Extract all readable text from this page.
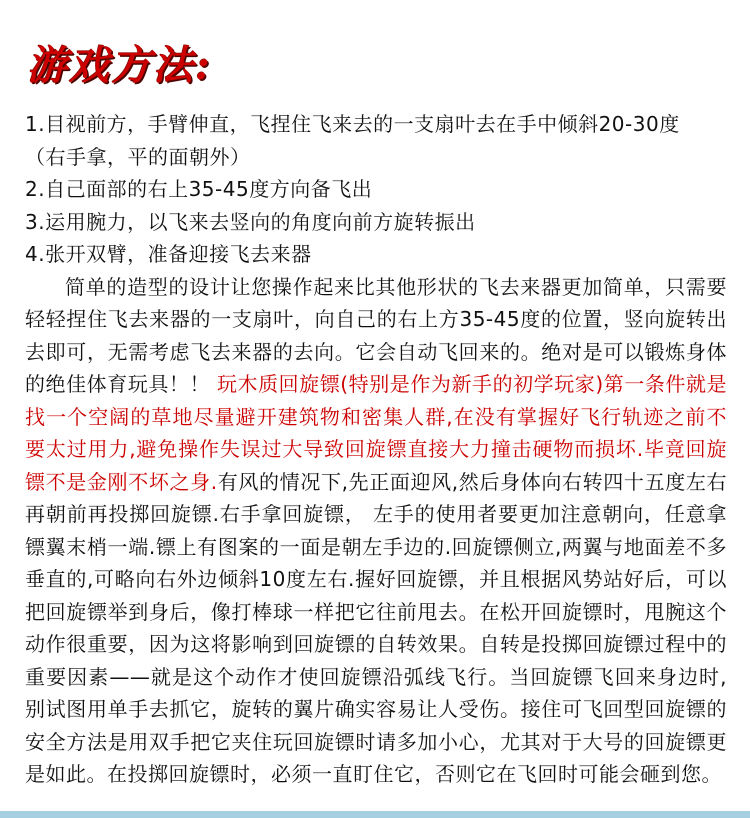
游戏方法:
1.目视前方，手臂伸直，飞捏住飞来去的一支扇叶去在手中倾斜20-30度
（右手拿，平的面朝外）
2.自己面部的右上35-45度方向备飞出
3.运用腕力，以飞来去竖向的角度向前方旋转振出
4.张开双臂，准备迎接飞去来器

简单的造型的设计让您操作起来比其他形状的飞去来器更加简单，只需要轻轻捏住飞去来器的一支扇叶，向自己的右上方35-45度的位置，竖向旋转出去即可，无需考虑飞去来器的去向。它会自动飞回来的。绝对是可以锻炼身体的绝佳体育玩具！！ 玩木质回旋镖(特别是作为新手的初学玩家)第一条件就是找一个空阔的草地尽量避开建筑物和密集人群,在没有掌握好飞行轨迹之前不要太过用力,避免操作失误过大导致回旋镖直接大力撞击硬物而损坏.毕竟回旋镖不是金刚不坏之身.有风的情况下,先正面迎风,然后身体向右转四十五度左右再朝前再投掷回旋镖.右手拿回旋镖， 左手的使用者要更加注意朝向，任意拿镖翼末梢一端.镖上有图案的一面是朝左手边的.回旋镖侧立,两翼与地面差不多垂直的,可略向右外边倾斜10度左右.握好回旋镖，并且根据风势站好后，可以把回旋镖举到身后，像打棒球一样把它往前甩去。在松开回旋镖时，甩腕这个动作很重要，因为这将影响到回旋镖的自转效果。自转是投掷回旋镖过程中的重要因素——就是这个动作才使回旋镖沿弧线飞行。当回旋镖飞回来身边时,别试图用单手去抓它，旋转的翼片确实容易让人受伤。接住可飞回型回旋镖的安全方法是用双手把它夹住玩回旋镖时请多加小心，尤其对于大号的回旋镖更是如此。在投掷回旋镖时，必须一直盯住它，否则它在飞回时可能会砸到您。
